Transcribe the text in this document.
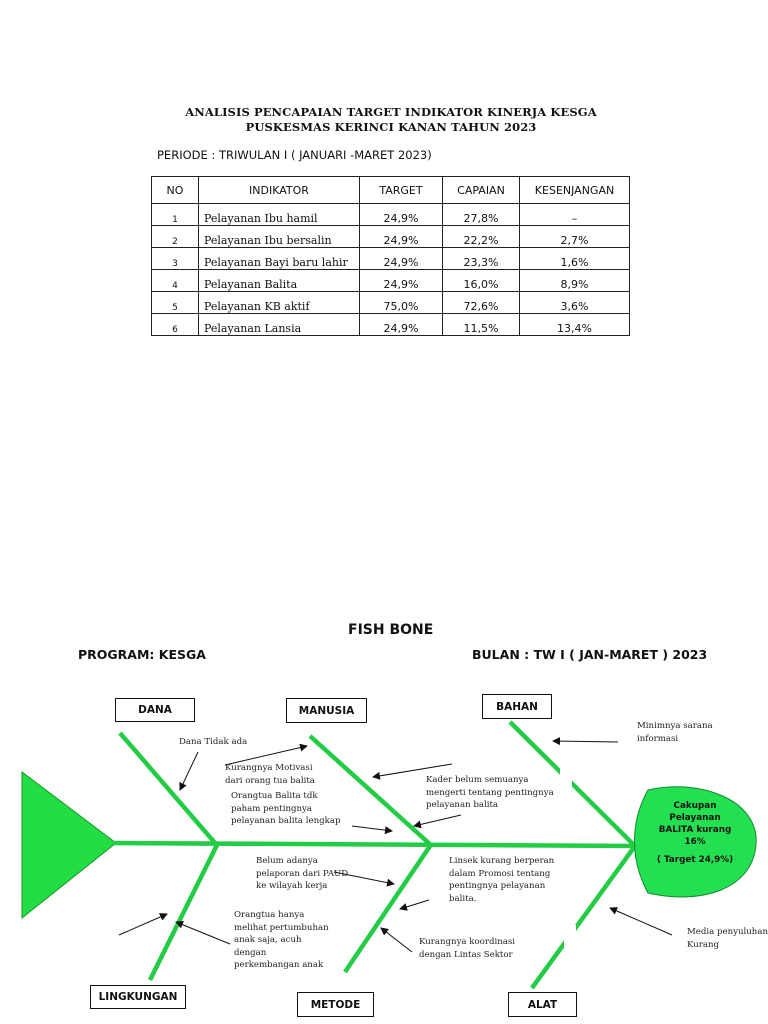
ANALISIS PENCAPAIAN TARGET INDIKATOR KINERJA KESGA
PUSKESMAS KERINCI KANAN TAHUN 2023
PERIODE : TRIWULAN I ( JANUARI -MARET 2023)
NO	INDIKATOR	TARGET	CAPAIAN	KESENJANGAN
1	Pelayanan Ibu hamil	24,9%	27,8%	–
2	Pelayanan Ibu bersalin	24,9%	22,2%	2,7%
3	Pelayanan Bayi baru lahir	24,9%	23,3%	1,6%
4	Pelayanan Balita	24,9%	16,0%	8,9%
5	Pelayanan KB aktif	75,0%	72,6%	3,6%
6	Pelayanan Lansia	24,9%	11,5%	13,4%
FISH BONE
PROGRAM: KESGA	BULAN : TW I ( JAN-MARET ) 2023
DANA	MANUSIA	BAHAN
LINGKUNGAN
METODE	ALAT
Dana Tidak ada
Kurangnya Motivasi
dari orang tua balita
Orangtua Balita tdk
paham pentingnya
pelayanan balita lengkap
Kader belum semuanya
mengerti tentang pentingnya
pelayanan balita
Minimnya sarana
informasi
Belum adanya
pelaporan dari PAUD
ke wilayah kerja
Linsek kurang berperan
dalam Promosi tentang
pentingnya pelayanan
balita.
Kurangnya koordinasi
dengan Lintas Sektor
Orangtua hanya
melihat pertumbuhan
anak saja, acuh
dengan
perkembangan anak
Media penyuluhan
Kurang
Cakupan
Pelayanan
BALITA kurang
16%
( Target 24,9%)
